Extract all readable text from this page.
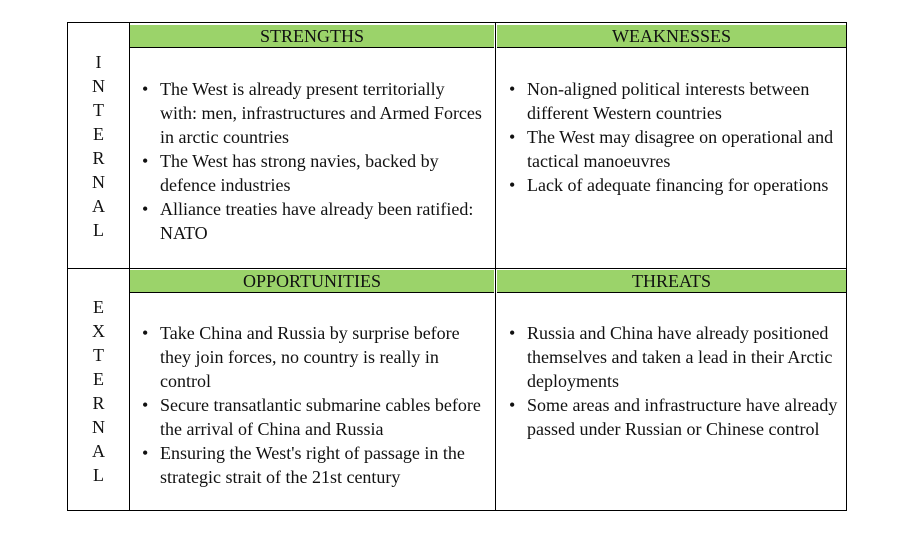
I
N
T
E
R
N
A
L
E
X
T
E
R
N
A
L
STRENGTHS	WEAKNESSES
OPPORTUNITIES	THREATS
• The West is already present territorially with: men, infrastructures and Armed Forces in arctic countries
• The West has strong navies, backed by defence industries
• Alliance treaties have already been ratified: NATO
• Non-aligned political interests between different Western countries
• The West may disagree on operational and tactical manoeuvres
• Lack of adequate financing for operations
• Take China and Russia by surprise before they join forces, no country is really in control
• Secure transatlantic submarine cables before the arrival of China and Russia
• Ensuring the West's right of passage in the strategic strait of the 21st century
• Russia and China have already positioned themselves and taken a lead in their Arctic deployments
• Some areas and infrastructure have already passed under Russian or Chinese control
